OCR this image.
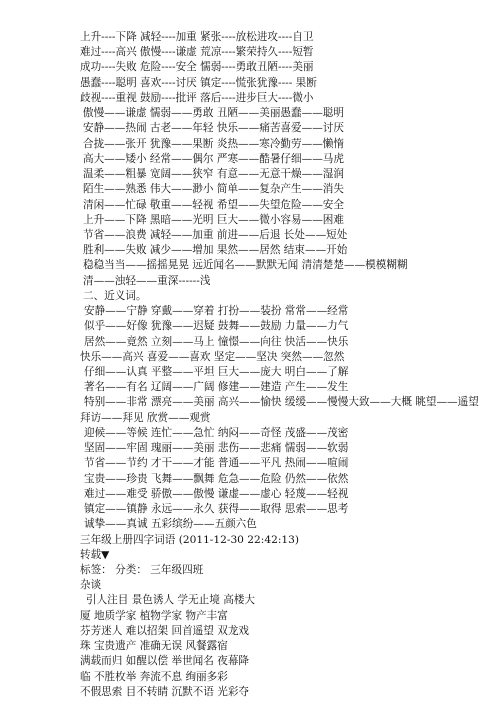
上升----下降 减轻----加重 紧张----放松进攻----自卫
难过----高兴 傲慢----谦虚 荒凉----繁荣持久----短暂
成功----失败 危险----安全 懦弱----勇敢丑陋----美丽
愚蠢----聪明 喜欢----讨厌 镇定----慌张犹豫---- 果断
歧视----重视 鼓励----批评 落后----进步巨大----微小
傲慢——谦虚 懦弱——勇敢 丑陋——美丽愚蠢——聪明
安静——热闹 古老——年轻 快乐——痛苦喜爱——讨厌
合拢——张开 犹豫——果断 炎热——寒冷勤劳——懒惰
高大——矮小 经常——偶尔 严寒——酷暑仔细——马虎
温柔——粗暴 宽阔——狭窄 有意——无意干燥——湿润
陌生——熟悉 伟大——渺小 简单——复杂产生——消失
清闲——忙碌 敬重——轻视 希望——失望危险——安全
上升——下降 黑暗——光明 巨大——微小容易——困难
节省——浪费 减轻——加重 前进——后退 长处——短处
胜利——失败 减少——增加 果然——居然 结束——开始
稳稳当当——摇摇晃晃 远近闻名——默默无闻 清清楚楚——模模糊糊
清——浊轻——重深------浅
二、近义词。
安静——宁静 穿戴——穿着 打扮——装扮 常常——经常
似乎——好像 犹豫——迟疑 鼓舞——鼓励 力量——力气
居然——竟然 立刻——马上 憧憬——向往 快活——快乐
快乐——高兴 喜爱——喜欢 坚定——坚决 突然——忽然
仔细——认真 平整——平坦 巨大——庞大 明白——了解
著名——有名 辽阔——广阔 修建——建造 产生——发生
特别——非常 漂亮——美丽 高兴——愉快 缓缓——慢慢大致——大概 眺望——遥望
拜访——拜见 欣赏——观赏
迎候——等候 连忙——急忙 纳闷——奇怪 茂盛——茂密
坚固——牢固 瑰丽——美丽 悲伤——悲痛 懦弱——软弱
节省——节约 才干——才能 普通——平凡 热闹——喧闹
宝贵——珍贵 飞舞——飘舞 危急——危险 仍然——依然
难过——难受 骄傲——傲慢 谦虚——虚心 轻蔑——轻视
镇定——镇静 永远——永久 获得——取得 思索——思考
诚挚——真诚 五彩缤纷——五颜六色
三年级上册四字词语 (2011-12-30 22:42:13)
转载▼
标签： 分类： 三年级四班
杂谈
引人注目 景色诱人 学无止境 高楼大
厦 地质学家 植物学家 物产丰富
芬芳迷人 难以招架 回首遥望 双龙戏
珠 宝贵遗产 准确无误 风餐露宿
满载而归 如醒以偿 举世闻名 夜幕降
临 不胜枚举 奔流不息 绚丽多彩
不假思索 目不转睛 沉默不语 光彩夺
